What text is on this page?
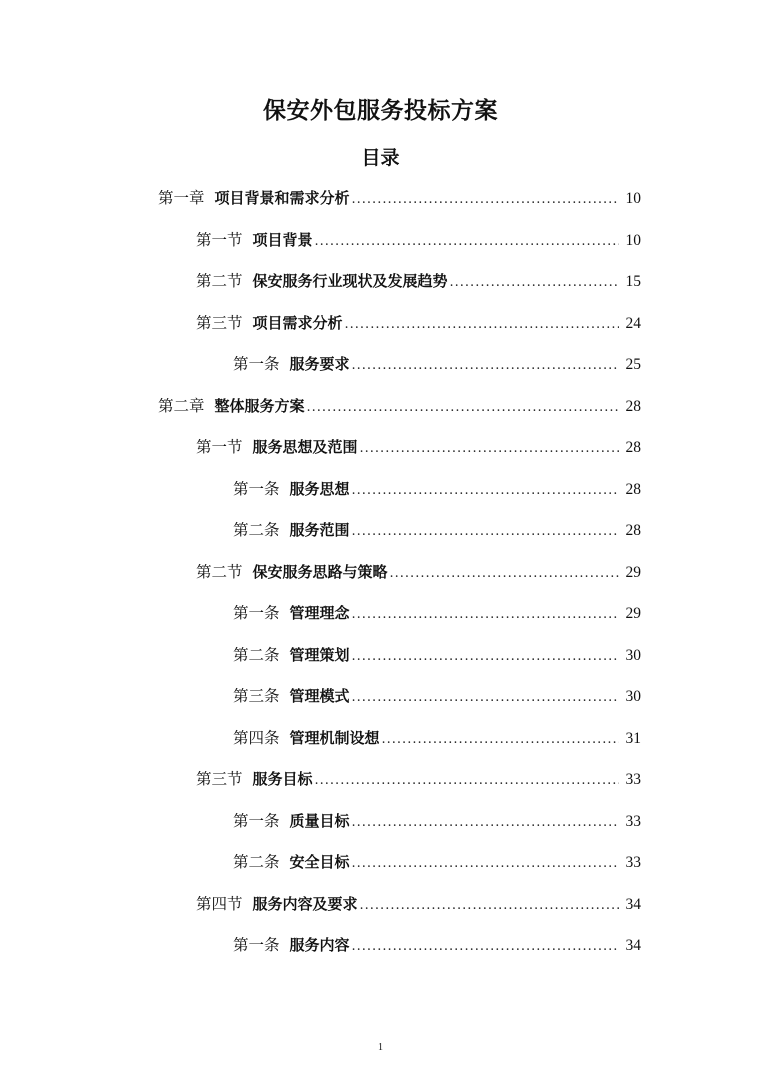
保安外包服务投标方案
目录
第一章 项目背景和需求分析 .....	10
第一节 项目背景 .....	10
第二节 保安服务行业现状及发展趋势 .....	15
第三节 项目需求分析 .....	24
第一条 服务要求 .....	25
第二章 整体服务方案 .....	28
第一节 服务思想及范围 .....	28
第一条 服务思想 .....	28
第二条 服务范围 .....	28
第二节 保安服务思路与策略 .....	29
第一条 管理理念 .....	29
第二条 管理策划 .....	30
第三条 管理模式 .....	30
第四条 管理机制设想 .....	31
第三节 服务目标 .....	33
第一条 质量目标 .....	33
第二条 安全目标 .....	33
第四节 服务内容及要求 .....	34
第一条 服务内容 .....	34
1
